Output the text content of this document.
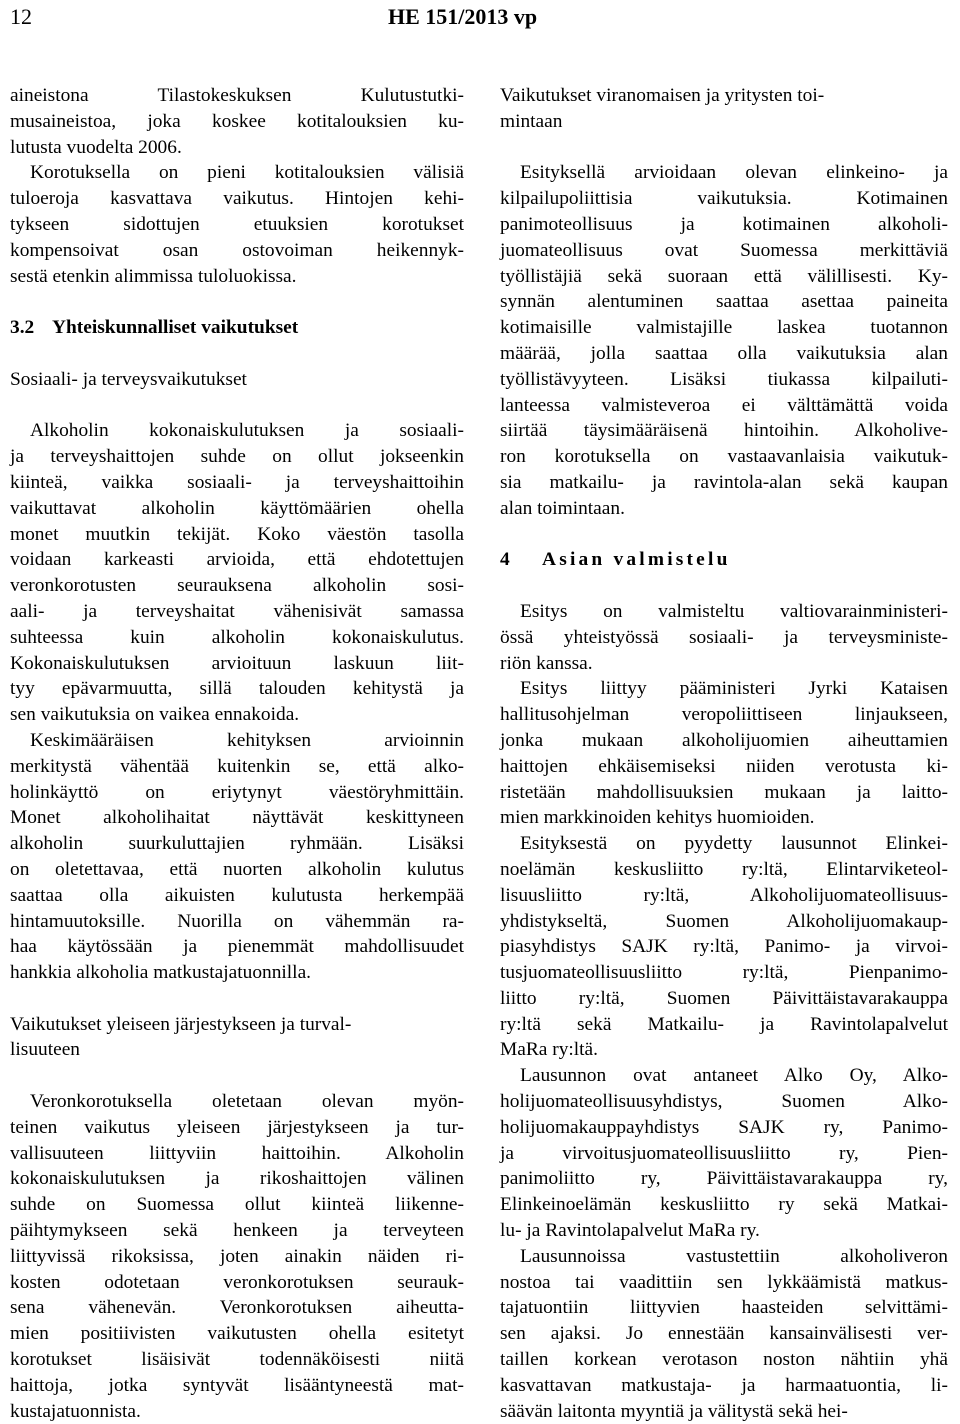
12	HE 151/2013 vp
aineistona Tilastokeskuksen Kulutustutki-
musaineistoa, joka koskee kotitalouksien ku-
lutusta vuodelta 2006.
Korotuksella on pieni kotitalouksien välisiä
tuloeroja kasvattava vaikutus. Hintojen kehi-
tykseen sidottujen etuuksien korotukset
kompensoivat osan ostovoiman heikennyk-
sestä etenkin alimmissa tuloluokissa.
3.2 Yhteiskunnalliset vaikutukset
Sosiaali- ja terveysvaikutukset
Alkoholin kokonaiskulutuksen ja sosiaali-
ja terveyshaittojen suhde on ollut jokseenkin
kiinteä, vaikka sosiaali- ja terveyshaittoihin
vaikuttavat alkoholin käyttömäärien ohella
monet muutkin tekijät. Koko väestön tasolla
voidaan karkeasti arvioida, että ehdotettujen
veronkorotusten seurauksena alkoholin sosi-
aali- ja terveyshaitat vähenisivät samassa
suhteessa kuin alkoholin kokonaiskulutus.
Kokonaiskulutuksen arvioituun laskuun liit-
tyy epävarmuutta, sillä talouden kehitystä ja
sen vaikutuksia on vaikea ennakoida.
Keskimääräisen kehityksen arvioinnin
merkitystä vähentää kuitenkin se, että alko-
holinkäyttö on eriytynyt väestöryhmittäin.
Monet alkoholihaitat näyttävät keskittyneen
alkoholin suurkuluttajien ryhmään. Lisäksi
on oletettavaa, että nuorten alkoholin kulutus
saattaa olla aikuisten kulutusta herkempää
hintamuutoksille. Nuorilla on vähemmän ra-
haa käytössään ja pienemmät mahdollisuudet
hankkia alkoholia matkustajatuonnilla.
Vaikutukset yleiseen järjestykseen ja turval-
lisuuteen
Veronkorotuksella oletetaan olevan myön-
teinen vaikutus yleiseen järjestykseen ja tur-
vallisuuteen liittyviin haittoihin. Alkoholin
kokonaiskulutuksen ja rikoshaittojen välinen
suhde on Suomessa ollut kiinteä liikenne-
päihtymykseen sekä henkeen ja terveyteen
liittyvissä rikoksissa, joten ainakin näiden ri-
kosten odotetaan veronkorotuksen seurauk-
sena vähenevän. Veronkorotuksen aiheutta-
mien positiivisten vaikutusten ohella esitetyt
korotukset lisäisivät todennäköisesti niitä
haittoja, jotka syntyvät lisääntyneestä mat-
kustajatuonnista.
Vaikutukset viranomaisen ja yritysten toi-
mintaan
Esityksellä arvioidaan olevan elinkeino- ja
kilpailupoliittisia vaikutuksia. Kotimainen
panimoteollisuus ja kotimainen alkoholi-
juomateollisuus ovat Suomessa merkittäviä
työllistäjiä sekä suoraan että välillisesti. Ky-
synnän alentuminen saattaa asettaa paineita
kotimaisille valmistajille laskea tuotannon
määrää, jolla saattaa olla vaikutuksia alan
työllistävyyteen. Lisäksi tiukassa kilpailuti-
lanteessa valmisteveroa ei välttämättä voida
siirtää täysimääräisenä hintoihin. Alkoholive-
ron korotuksella on vastaavanlaisia vaikutuk-
sia matkailu- ja ravintola-alan sekä kaupan
alan toimintaan.
4	Asian valmistelu
Esitys on valmisteltu valtiovarainministeri-
össä yhteistyössä sosiaali- ja terveysministe-
riön kanssa.
Esitys liittyy pääministeri Jyrki Kataisen
hallitusohjelman veropoliittiseen linjaukseen,
jonka mukaan alkoholijuomien aiheuttamien
haittojen ehkäisemiseksi niiden verotusta ki-
ristetään mahdollisuuksien mukaan ja laitto-
mien markkinoiden kehitys huomioiden.
Esityksestä on pyydetty lausunnot Elinkei-
noelämän keskusliitto ry:ltä, Elintarviketeol-
lisuusliitto ry:ltä, Alkoholijuomateollisuus-
yhdistykseltä, Suomen Alkoholijuomakaup-
piasyhdistys SAJK ry:ltä, Panimo- ja virvoi-
tusjuomateollisuusliitto ry:ltä, Pienpanimo-
liitto ry:ltä, Suomen Päivittäistavarakauppa
ry:ltä sekä Matkailu- ja Ravintolapalvelut
MaRa ry:ltä.
Lausunnon ovat antaneet Alko Oy, Alko-
holijuomateollisuusyhdistys, Suomen Alko-
holijuomakauppayhdistys SAJK ry, Panimo-
ja virvoitusjuomateollisuusliitto ry, Pien-
panimoliitto ry, Päivittäistavarakauppa ry,
Elinkeinoelämän keskusliitto ry sekä Matkai-
lu- ja Ravintolapalvelut MaRa ry.
Lausunnoissa vastustettiin alkoholiveron
nostoa tai vaadittiin sen lykkäämistä matkus-
tajatuontiin liittyvien haasteiden selvittämi-
sen ajaksi. Jo ennestään kansainvälisesti ver-
taillen korkean verotason noston nähtiin yhä
kasvattavan matkustaja- ja harmaatuontia, li-
säävän laitonta myyntiä ja välitystä sekä hei-
